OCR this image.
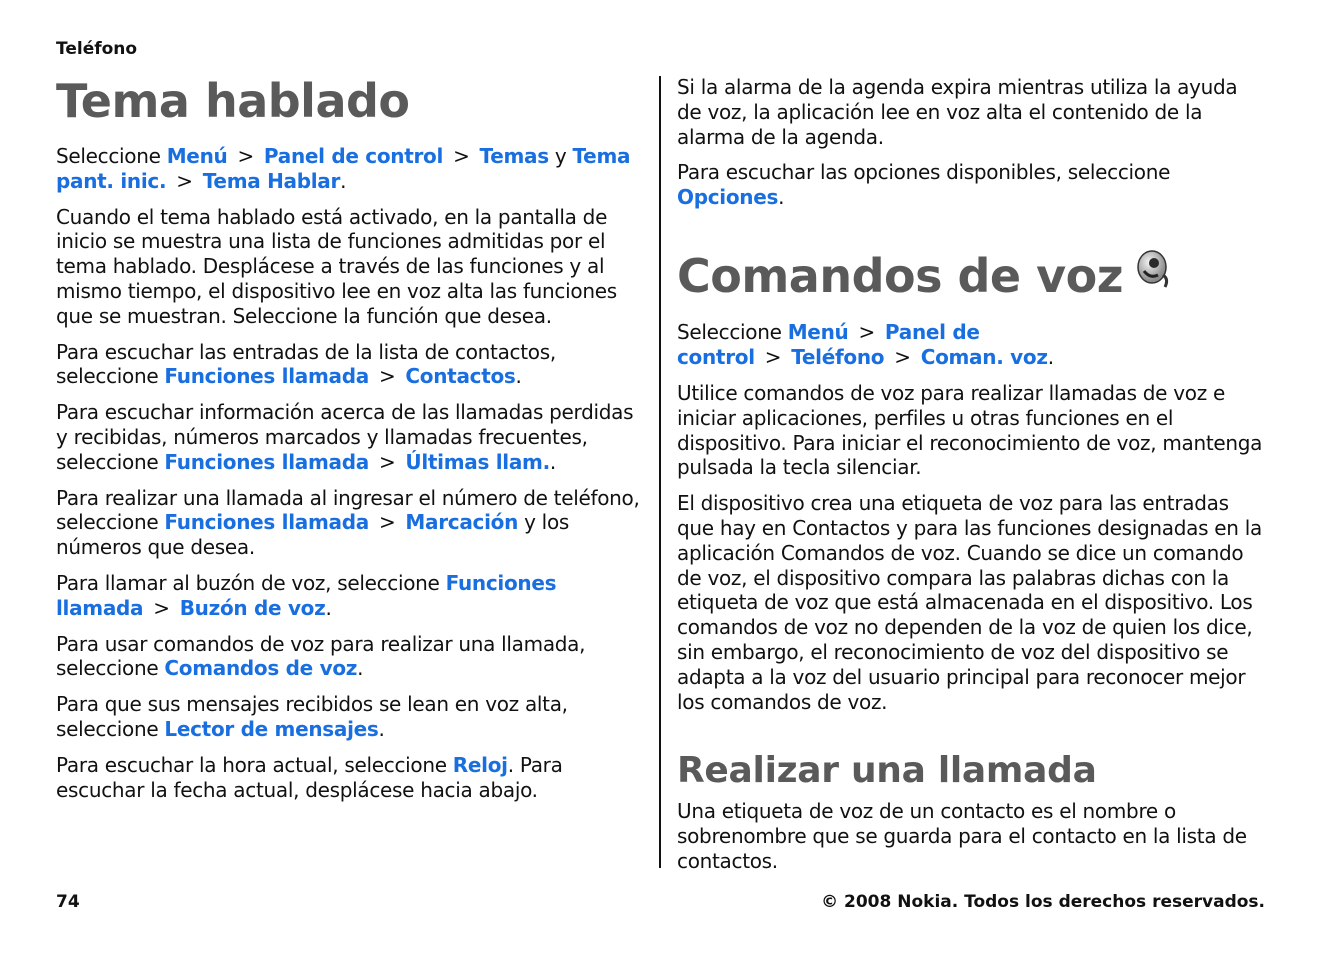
Teléfono
Tema hablado

Seleccione Menú > Panel de control > Temas y Tema pant. inic. > Tema Hablar.

Cuando el tema hablado está activado, en la pantalla de inicio se muestra una lista de funciones admitidas por el tema hablado. Desplácese a través de las funciones y al mismo tiempo, el dispositivo lee en voz alta las funciones que se muestran. Seleccione la función que desea.

Para escuchar las entradas de la lista de contactos, seleccione Funciones llamada > Contactos.

Para escuchar información acerca de las llamadas perdidas y recibidas, números marcados y llamadas frecuentes, seleccione Funciones llamada > Últimas llam..

Para realizar una llamada al ingresar el número de teléfono, seleccione Funciones llamada > Marcación y los números que desea.

Para llamar al buzón de voz, seleccione Funciones llamada > Buzón de voz.

Para usar comandos de voz para realizar una llamada, seleccione Comandos de voz.

Para que sus mensajes recibidos se lean en voz alta, seleccione Lector de mensajes.

Para escuchar la hora actual, seleccione Reloj. Para escuchar la fecha actual, desplácese hacia abajo.

Si la alarma de la agenda expira mientras utiliza la ayuda de voz, la aplicación lee en voz alta el contenido de la alarma de la agenda.

Para escuchar las opciones disponibles, seleccione Opciones.

Comandos de voz

Seleccione Menú > Panel de control > Teléfono > Coman. voz.

Utilice comandos de voz para realizar llamadas de voz e iniciar aplicaciones, perfiles u otras funciones en el dispositivo. Para iniciar el reconocimiento de voz, mantenga pulsada la tecla silenciar.

El dispositivo crea una etiqueta de voz para las entradas que hay en Contactos y para las funciones designadas en la aplicación Comandos de voz. Cuando se dice un comando de voz, el dispositivo compara las palabras dichas con la etiqueta de voz que está almacenada en el dispositivo. Los comandos de voz no dependen de la voz de quien los dice, sin embargo, el reconocimiento de voz del dispositivo se adapta a la voz del usuario principal para reconocer mejor los comandos de voz.

Realizar una llamada

Una etiqueta de voz de un contacto es el nombre o sobrenombre que se guarda para el contacto en la lista de contactos.

74	© 2008 Nokia. Todos los derechos reservados.
